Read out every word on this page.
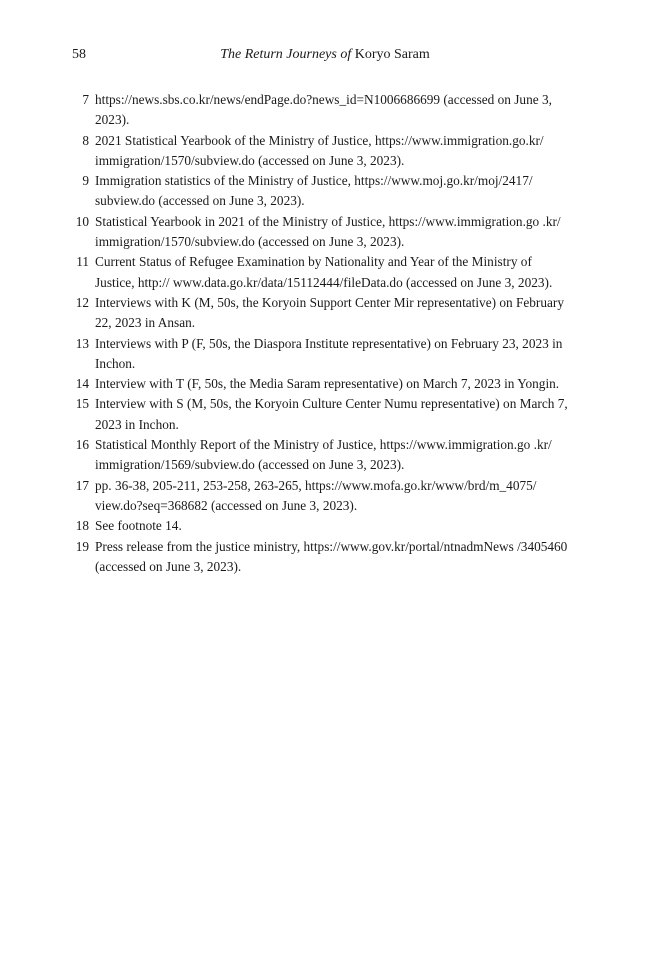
58	The Return Journeys of Koryo Saram
7 https://news.sbs.co.kr/news/endPage.do?news_id=N1006686699 (accessed on June 3, 2023).
8 2021 Statistical Yearbook of the Ministry of Justice, https://www.immigration.go.kr/ immigration/1570/subview.do (accessed on June 3, 2023).
9 Immigration statistics of the Ministry of Justice, https://www.moj.go.kr/moj/2417/ subview.do (accessed on June 3, 2023).
10 Statistical Yearbook in 2021 of the Ministry of Justice, https://www.immigration.go .kr/ immigration/1570/subview.do (accessed on June 3, 2023).
11 Current Status of Refugee Examination by Nationality and Year of the Ministry of Justice, http:// www.data.go.kr/data/15112444/fileData.do (accessed on June 3, 2023).
12 Interviews with K (M, 50s, the Koryoin Support Center Mir representative) on February 22, 2023 in Ansan.
13 Interviews with P (F, 50s, the Diaspora Institute representative) on February 23, 2023 in Inchon.
14 Interview with T (F, 50s, the Media Saram representative) on March 7, 2023 in Yongin.
15 Interview with S (M, 50s, the Koryoin Culture Center Numu representative) on March 7, 2023 in Inchon.
16 Statistical Monthly Report of the Ministry of Justice, https://www.immigration.go .kr/ immigration/1569/subview.do (accessed on June 3, 2023).
17 pp. 36-38, 205-211, 253-258, 263-265, https://www.mofa.go.kr/www/brd/m_4075/ view.do?seq=368682 (accessed on June 3, 2023).
18 See footnote 14.
19 Press release from the justice ministry, https://www.gov.kr/portal/ntnadmNews /3405460 (accessed on June 3, 2023).
